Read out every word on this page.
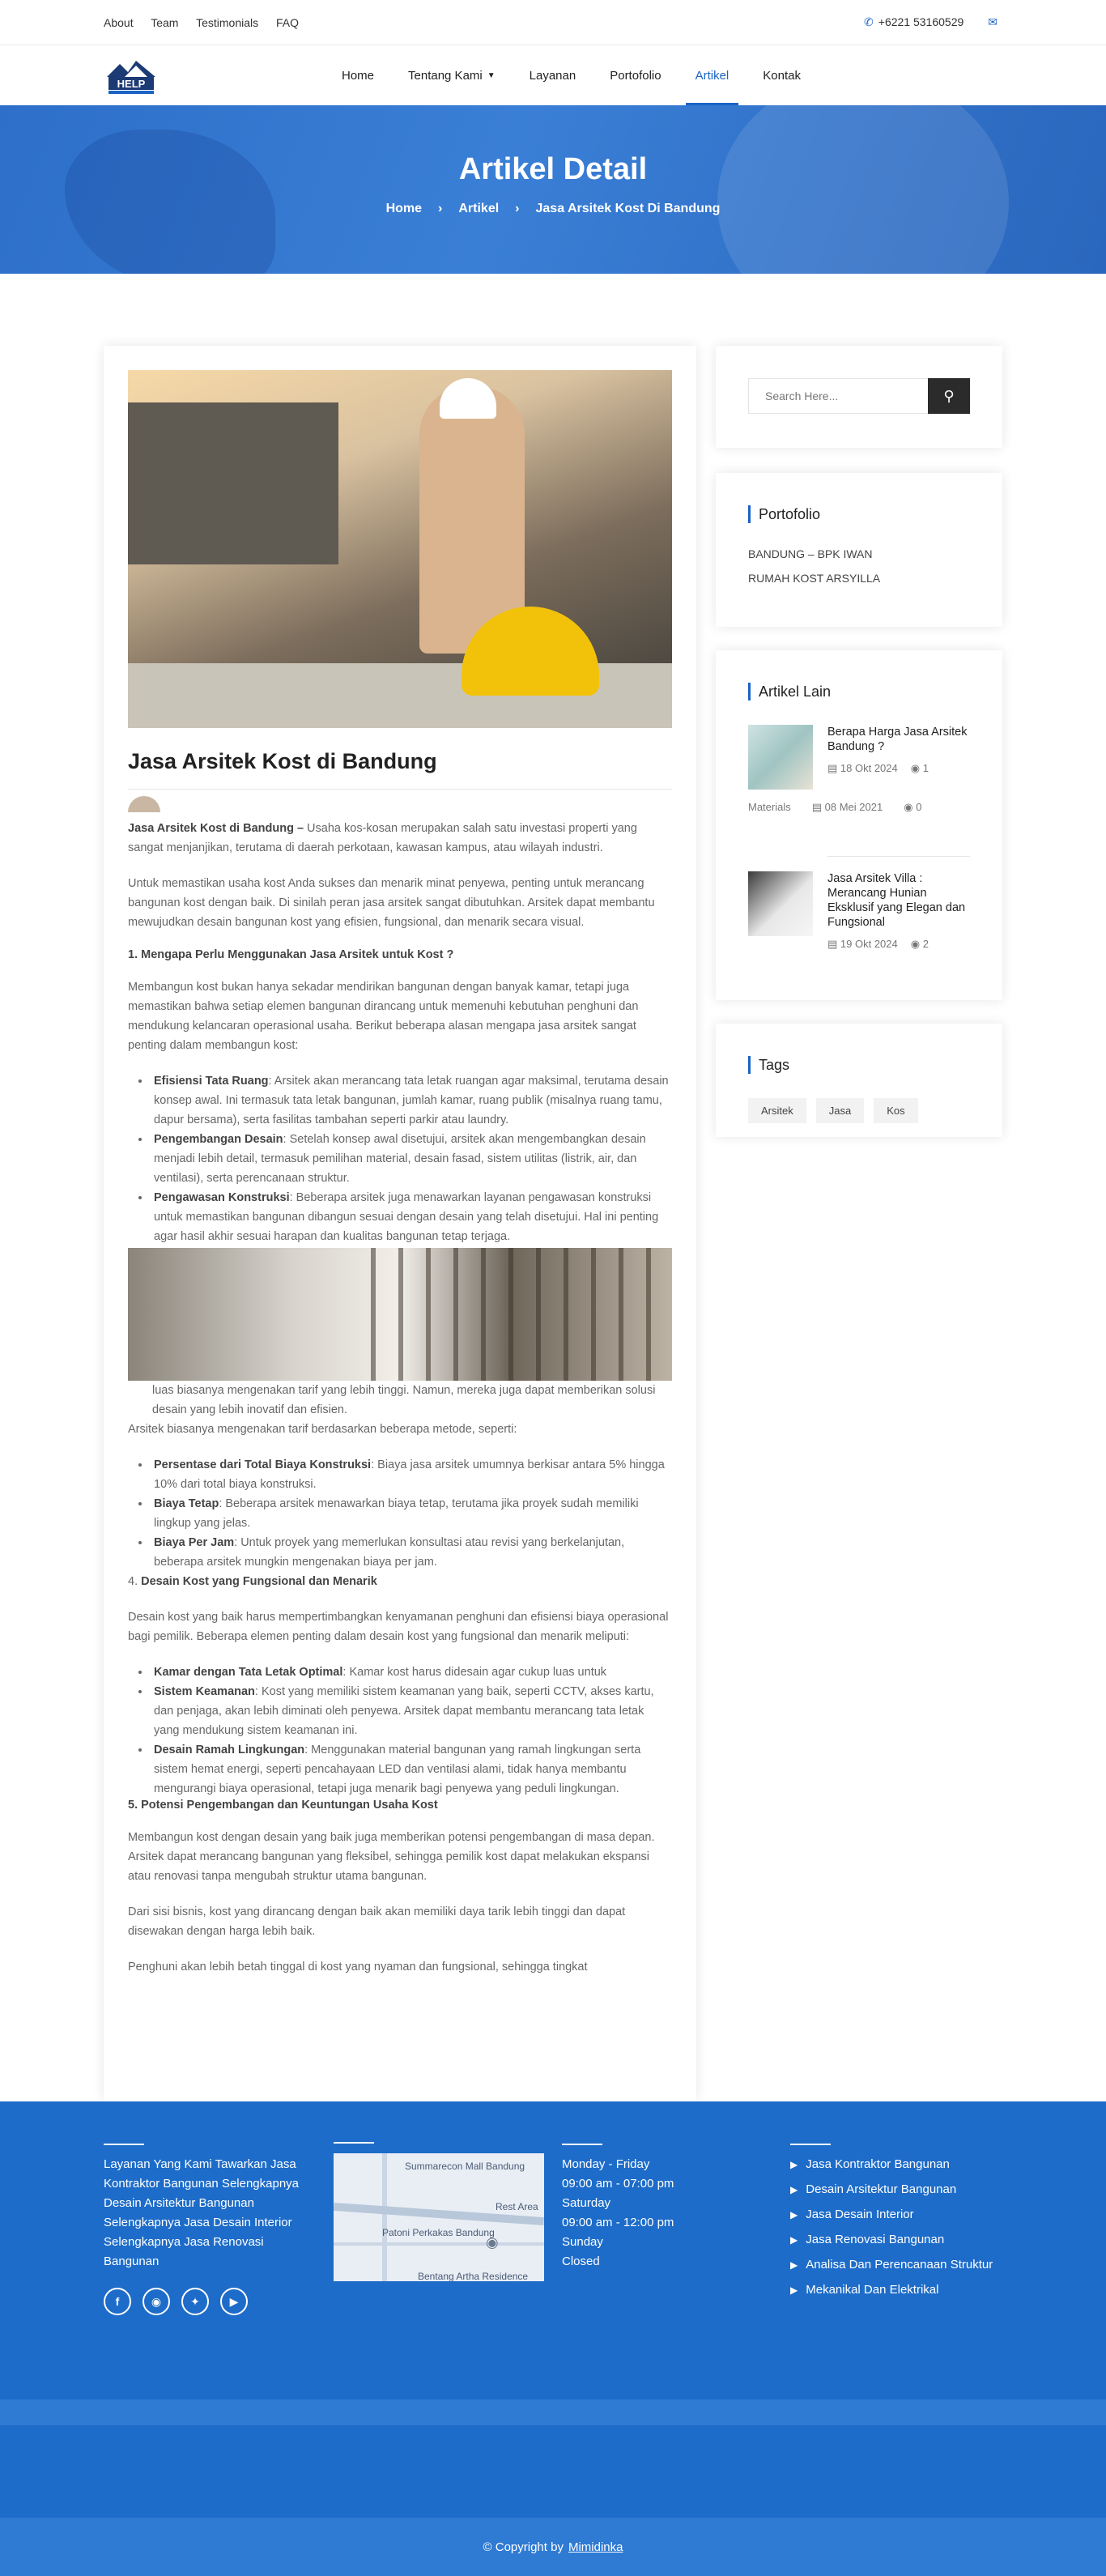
About Team Testimonials FAQ	✆ +6221 53160529 ✉
HELP
Home	Tentang Kami ▼	Layanan	Portofolio	Artikel	Kontak
Artikel Detail
Home › Artikel › Jasa Arsitek Kost Di Bandung
Jasa Arsitek Kost di Bandung

Jasa Arsitek Kost di Bandung – Usaha kos-kosan merupakan salah satu investasi properti yang sangat menjanjikan, terutama di daerah perkotaan, kawasan kampus, atau wilayah industri.

Untuk memastikan usaha kost Anda sukses dan menarik minat penyewa, penting untuk merancang bangunan kost dengan baik. Di sinilah peran jasa arsitek sangat dibutuhkan. Arsitek dapat membantu mewujudkan desain bangunan kost yang efisien, fungsional, dan menarik secara visual.

1. Mengapa Perlu Menggunakan Jasa Arsitek untuk Kost ?

Membangun kost bukan hanya sekadar mendirikan bangunan dengan banyak kamar, tetapi juga memastikan bahwa setiap elemen bangunan dirancang untuk memenuhi kebutuhan penghuni dan mendukung kelancaran operasional usaha. Berikut beberapa alasan mengapa jasa arsitek sangat penting dalam membangun kost:

• Efisiensi Tata Ruang: Arsitek akan merancang tata letak ruangan agar maksimal, terutama desain konsep awal. Ini termasuk tata letak bangunan, jumlah kamar, ruang publik (misalnya ruang tamu, dapur bersama), serta fasilitas tambahan seperti parkir atau laundry.
• Pengembangan Desain: Setelah konsep awal disetujui, arsitek akan mengembangkan desain menjadi lebih detail, termasuk pemilihan material, desain fasad, sistem utilitas (listrik, air, dan ventilasi), serta perencanaan struktur.
• Pengawasan Konstruksi: Beberapa arsitek juga menawarkan layanan pengawasan konstruksi untuk memastikan bangunan dibangun sesuai dengan desain yang telah disetujui. Hal ini penting agar hasil akhir sesuai harapan dan kualitas bangunan tetap terjaga.

luas biasanya mengenakan tarif yang lebih tinggi. Namun, mereka juga dapat memberikan solusi desain yang lebih inovatif dan efisien.

Arsitek biasanya mengenakan tarif berdasarkan beberapa metode, seperti:

• Persentase dari Total Biaya Konstruksi: Biaya jasa arsitek umumnya berkisar antara 5% hingga 10% dari total biaya konstruksi.
• Biaya Tetap: Beberapa arsitek menawarkan biaya tetap, terutama jika proyek sudah memiliki lingkup yang jelas.
• Biaya Per Jam: Untuk proyek yang memerlukan konsultasi atau revisi yang berkelanjutan, beberapa arsitek mungkin mengenakan biaya per jam.

4. Desain Kost yang Fungsional dan Menarik

Desain kost yang baik harus mempertimbangkan kenyamanan penghuni dan efisiensi biaya operasional bagi pemilik. Beberapa elemen penting dalam desain kost yang fungsional dan menarik meliputi:

• Kamar dengan Tata Letak Optimal: Kamar kost harus didesain agar cukup luas untuk
• Sistem Keamanan: Kost yang memiliki sistem keamanan yang baik, seperti CCTV, akses kartu, dan penjaga, akan lebih diminati oleh penyewa. Arsitek dapat membantu merancang tata letak yang mendukung sistem keamanan ini.
• Desain Ramah Lingkungan: Menggunakan material bangunan yang ramah lingkungan serta sistem hemat energi, seperti pencahayaan LED dan ventilasi alami, tidak hanya membantu mengurangi biaya operasional, tetapi juga menarik bagi penyewa yang peduli lingkungan.

5. Potensi Pengembangan dan Keuntungan Usaha Kost

Membangun kost dengan desain yang baik juga memberikan potensi pengembangan di masa depan. Arsitek dapat merancang bangunan yang fleksibel, sehingga pemilik kost dapat melakukan ekspansi atau renovasi tanpa mengubah struktur utama bangunan.

Dari sisi bisnis, kost yang dirancang dengan baik akan memiliki daya tarik lebih tinggi dan dapat disewakan dengan harga lebih baik.

Penghuni akan lebih betah tinggal di kost yang nyaman dan fungsional, sehingga tingkat

Search Here...	⚲
Portofolio
BANDUNG – BPK IWAN
RUMAH KOST ARSYILLA
Artikel Lain
Berapa Harga Jasa Arsitek Bandung ?
▤ 18 Okt 2024 ◉ 1
Materials ▤ 08 Mei 2021 ◉ 0
Jasa Arsitek Villa : Merancang Hunian Eksklusif yang Elegan dan Fungsional
▤ 19 Okt 2024 ◉ 2
Tags
Arsitek	Jasa	Kos

Layanan Yang Kami Tawarkan Jasa Kontraktor Bangunan Selengkapnya Desain Arsitektur Bangunan Selengkapnya Jasa Desain Interior Selengkapnya Jasa Renovasi Bangunan

f	◉	✦	▶
Summarecon Mall Bandung
Rest Area
Patoni Perkakas Bandung
Bentang Artha Residence
◉
Monday - Friday
09:00 am - 07:00 pm
Saturday
09:00 am - 12:00 pm
Sunday
Closed
▶ Jasa Kontraktor Bangunan
▶ Desain Arsitektur Bangunan
▶ Jasa Desain Interior
▶ Jasa Renovasi Bangunan
▶ Analisa Dan Perencanaan Struktur
▶ Mekanikal Dan Elektrikal
© Copyright by Mimidinka
